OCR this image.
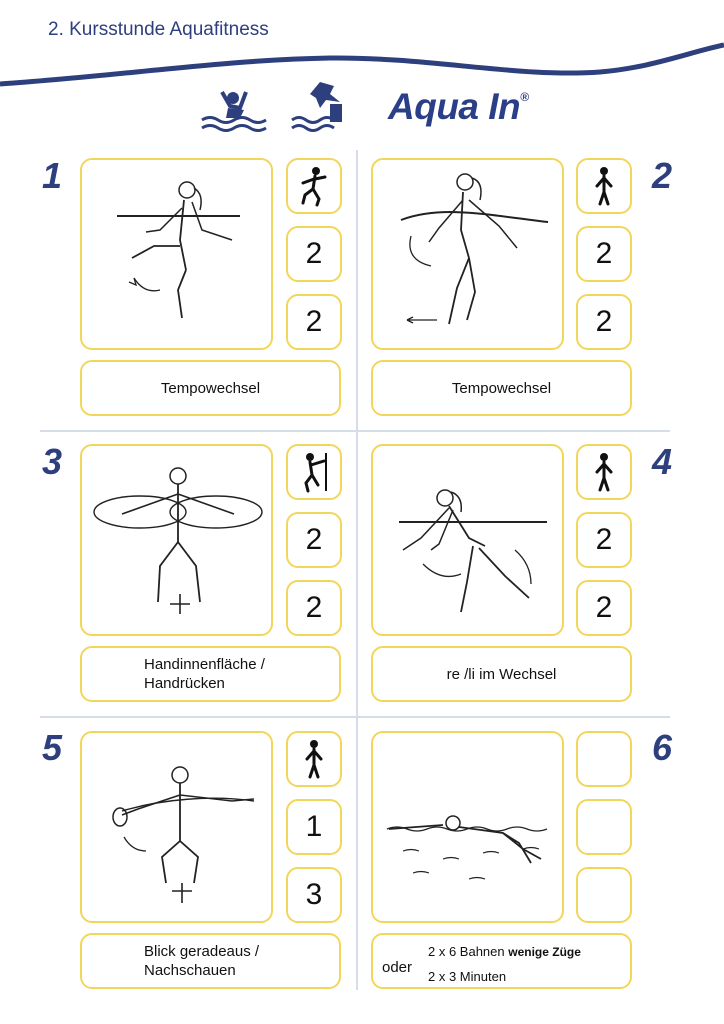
2. Kursstunde Aquafitness
Aqua In®
1
2
2
Tempowechsel
2
2
Tempowechsel
2
3
2
2
Handinnenfläche /
Handrücken
2
2
re /li im Wechsel
4
5
1
3
Blick geradeaus /
Nachschauen	oder
2 x 6 Bahnen wenige Züge
2 x 3 Minuten
6
